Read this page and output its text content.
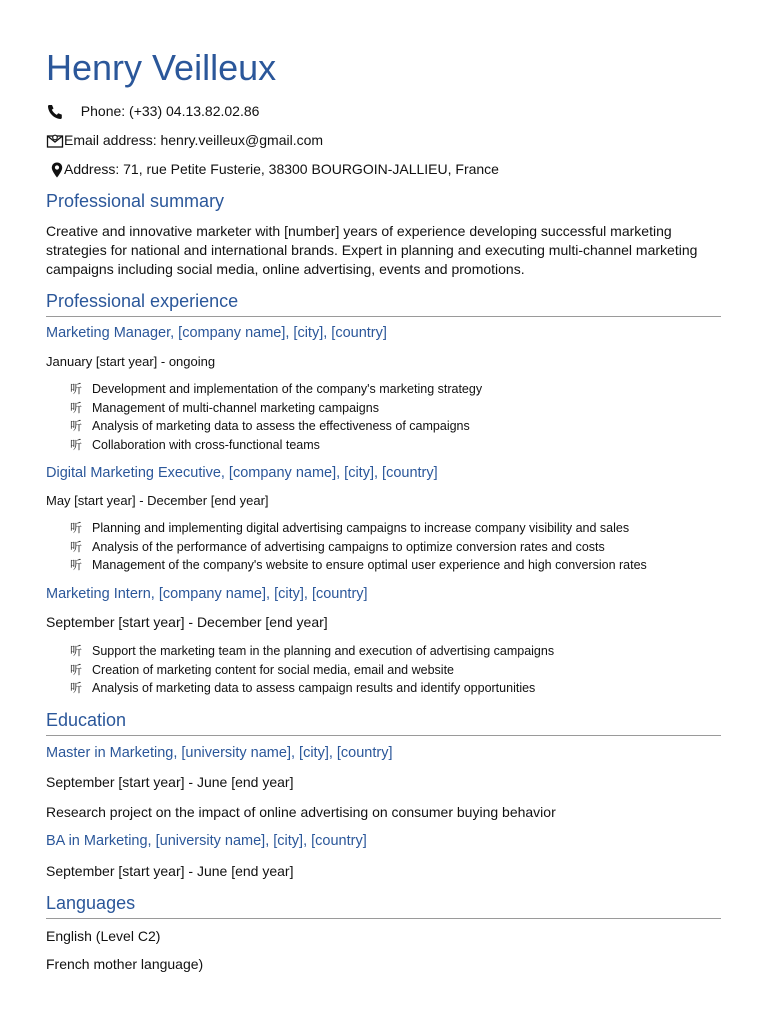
Henry Veilleux
Phone: (+33) 04.13.82.02.86
Email address: henry.veilleux@gmail.com
Address: 71, rue Petite Fusterie, 38300 BOURGOIN-JALLIEU, France
Professional summary

Creative and innovative marketer with [number] years of experience developing successful marketing strategies for national and international brands. Expert in planning and executing multi-channel marketing campaigns including social media, online advertising, events and promotions.

Professional experience
Marketing Manager, [company name], [city], [country]
January [start year] - ongoing
听 Development and implementation of the company's marketing strategy
听 Management of multi-channel marketing campaigns
听 Analysis of marketing data to assess the effectiveness of campaigns
听 Collaboration with cross-functional teams
Digital Marketing Executive, [company name], [city], [country]
May [start year] - December [end year]
听 Planning and implementing digital advertising campaigns to increase company visibility and sales
听 Analysis of the performance of advertising campaigns to optimize conversion rates and costs
听 Management of the company's website to ensure optimal user experience and high conversion rates
Marketing Intern, [company name], [city], [country]
September [start year] - December [end year]
听 Support the marketing team in the planning and execution of advertising campaigns
听 Creation of marketing content for social media, email and website
听 Analysis of marketing data to assess campaign results and identify opportunities
Education
Master in Marketing, [university name], [city], [country]
September [start year] - June [end year]
Research project on the impact of online advertising on consumer buying behavior
BA in Marketing, [university name], [city], [country]
September [start year] - June [end year]
Languages
English (Level C2)
French mother language)
